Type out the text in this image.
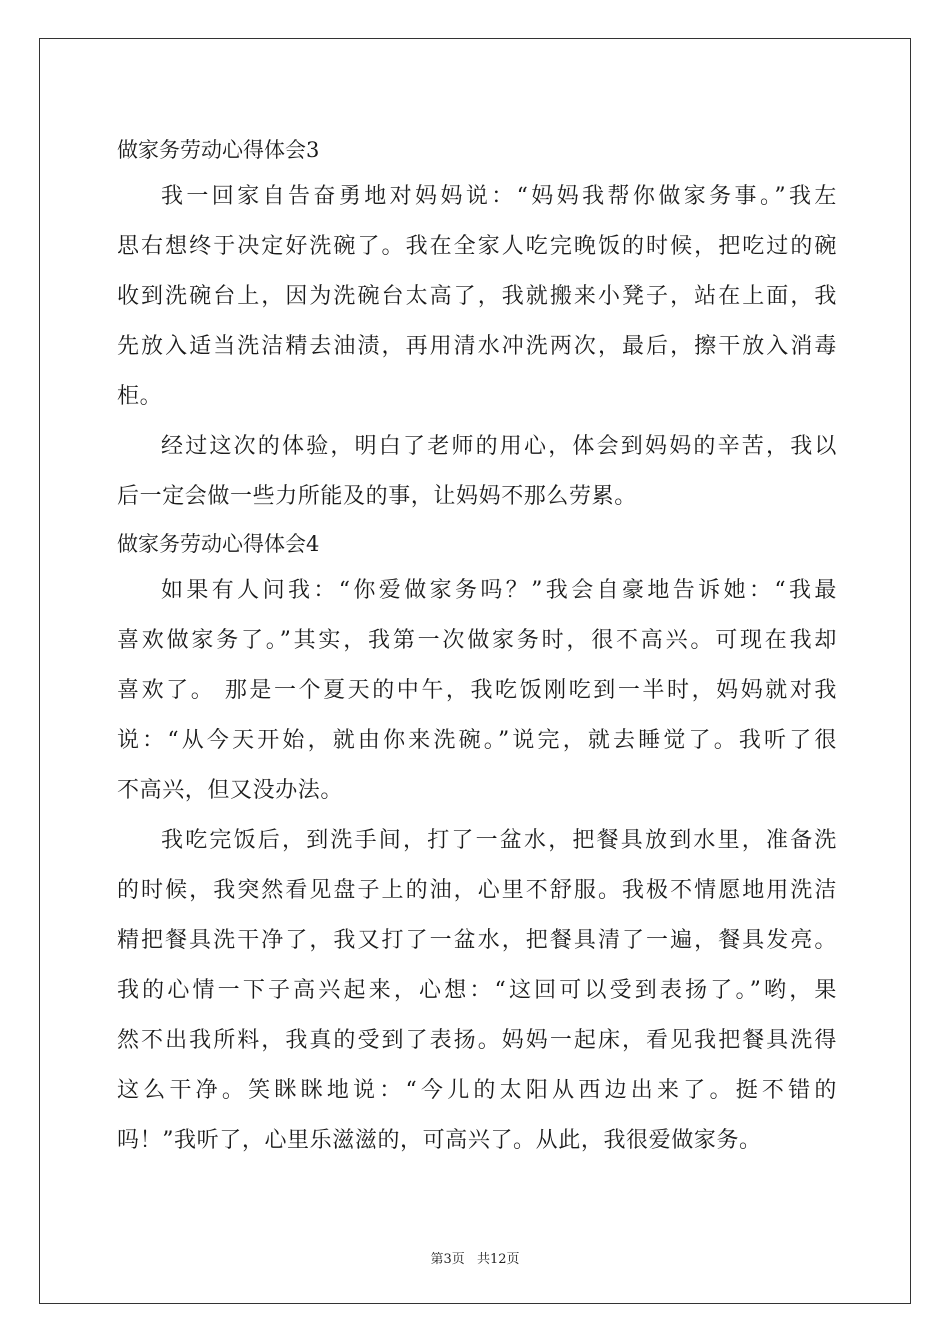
做家务劳动心得体会3
我一回家自告奋勇地对妈妈说：“妈妈我帮你做家务事。”我左
思右想终于决定好洗碗了。我在全家人吃完晚饭的时候，把吃过的碗
收到洗碗台上，因为洗碗台太高了，我就搬来小凳子，站在上面，我
先放入适当洗洁精去油渍，再用清水冲洗两次，最后，擦干放入消毒
柜。
经过这次的体验，明白了老师的用心，体会到妈妈的辛苦，我以
后一定会做一些力所能及的事，让妈妈不那么劳累。
做家务劳动心得体会4
如果有人问我：“你爱做家务吗？”我会自豪地告诉她：“我最
喜欢做家务了。”其实，我第一次做家务时，很不高兴。可现在我却
喜欢了。 那是一个夏天的中午，我吃饭刚吃到一半时，妈妈就对我
说：“从今天开始，就由你来洗碗。”说完，就去睡觉了。我听了很
不高兴，但又没办法。
我吃完饭后，到洗手间，打了一盆水，把餐具放到水里，准备洗
的时候，我突然看见盘子上的油，心里不舒服。我极不情愿地用洗洁
精把餐具洗干净了，我又打了一盆水，把餐具清了一遍，餐具发亮。
我的心情一下子高兴起来，心想：“这回可以受到表扬了。”哟，果
然不出我所料，我真的受到了表扬。妈妈一起床，看见我把餐具洗得
这么干净。笑眯眯地说：“今儿的太阳从西边出来了。挺不错的
吗！”我听了，心里乐滋滋的，可高兴了。从此，我很爱做家务。
第3页 共12页
